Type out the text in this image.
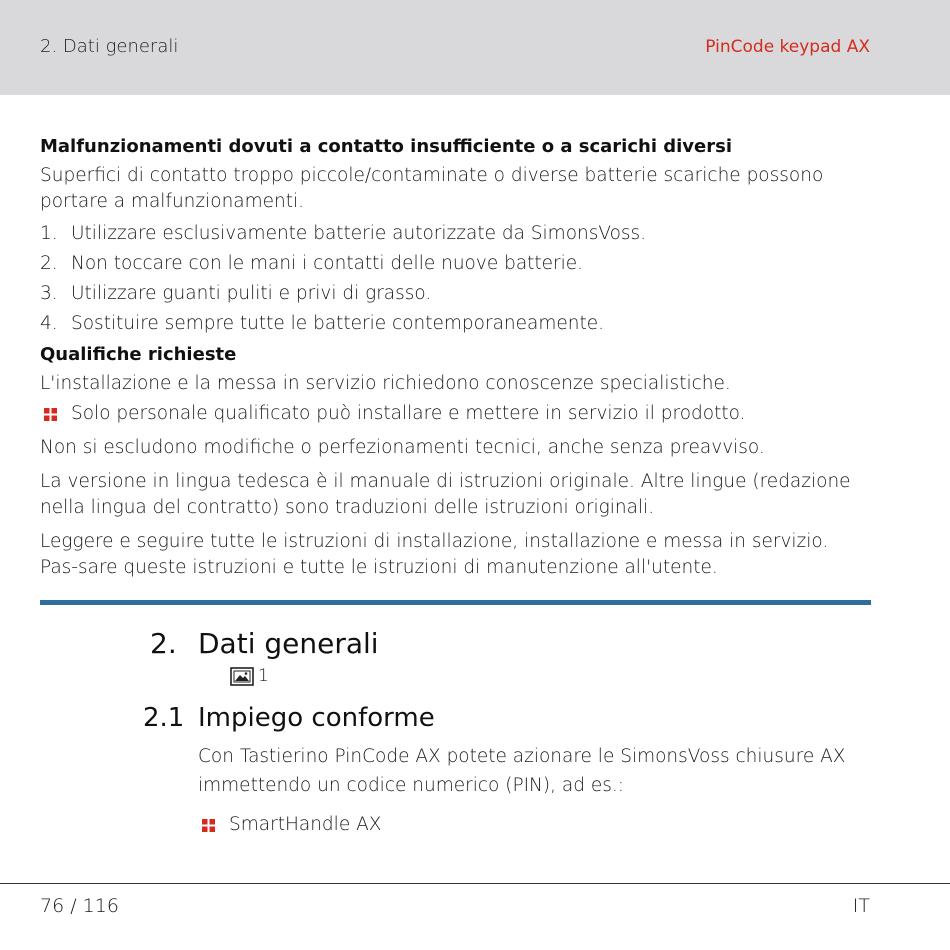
2. Dati generali	PinCode keypad AX
Malfunzionamenti dovuti a contatto insufficiente o a scarichi diversi
Superfici di contatto troppo piccole/contaminate o diverse batterie scariche possono portare a malfunzionamenti.
1. Utilizzare esclusivamente batterie autorizzate da SimonsVoss.
2. Non toccare con le mani i contatti delle nuove batterie.
3. Utilizzare guanti puliti e privi di grasso.
4. Sostituire sempre tutte le batterie contemporaneamente.
Qualifiche richieste
L'installazione e la messa in servizio richiedono conoscenze specialistiche.
Solo personale qualificato può installare e mettere in servizio il prodotto.
Non si escludono modifiche o perfezionamenti tecnici, anche senza preavviso.
La versione in lingua tedesca è il manuale di istruzioni originale. Altre lingue (redazione nella lingua del contratto) sono traduzioni delle istruzioni originali.
Leggere e seguire tutte le istruzioni di installazione, installazione e messa in servizio. Pas-sare queste istruzioni e tutte le istruzioni di manutenzione all'utente.
2. Dati generali
1
2.1 Impiego conforme
Con Tastierino PinCode AX potete azionare le SimonsVoss chiusure AX immettendo un codice numerico (PIN), ad es.:
SmartHandle AX
76 / 116	IT
